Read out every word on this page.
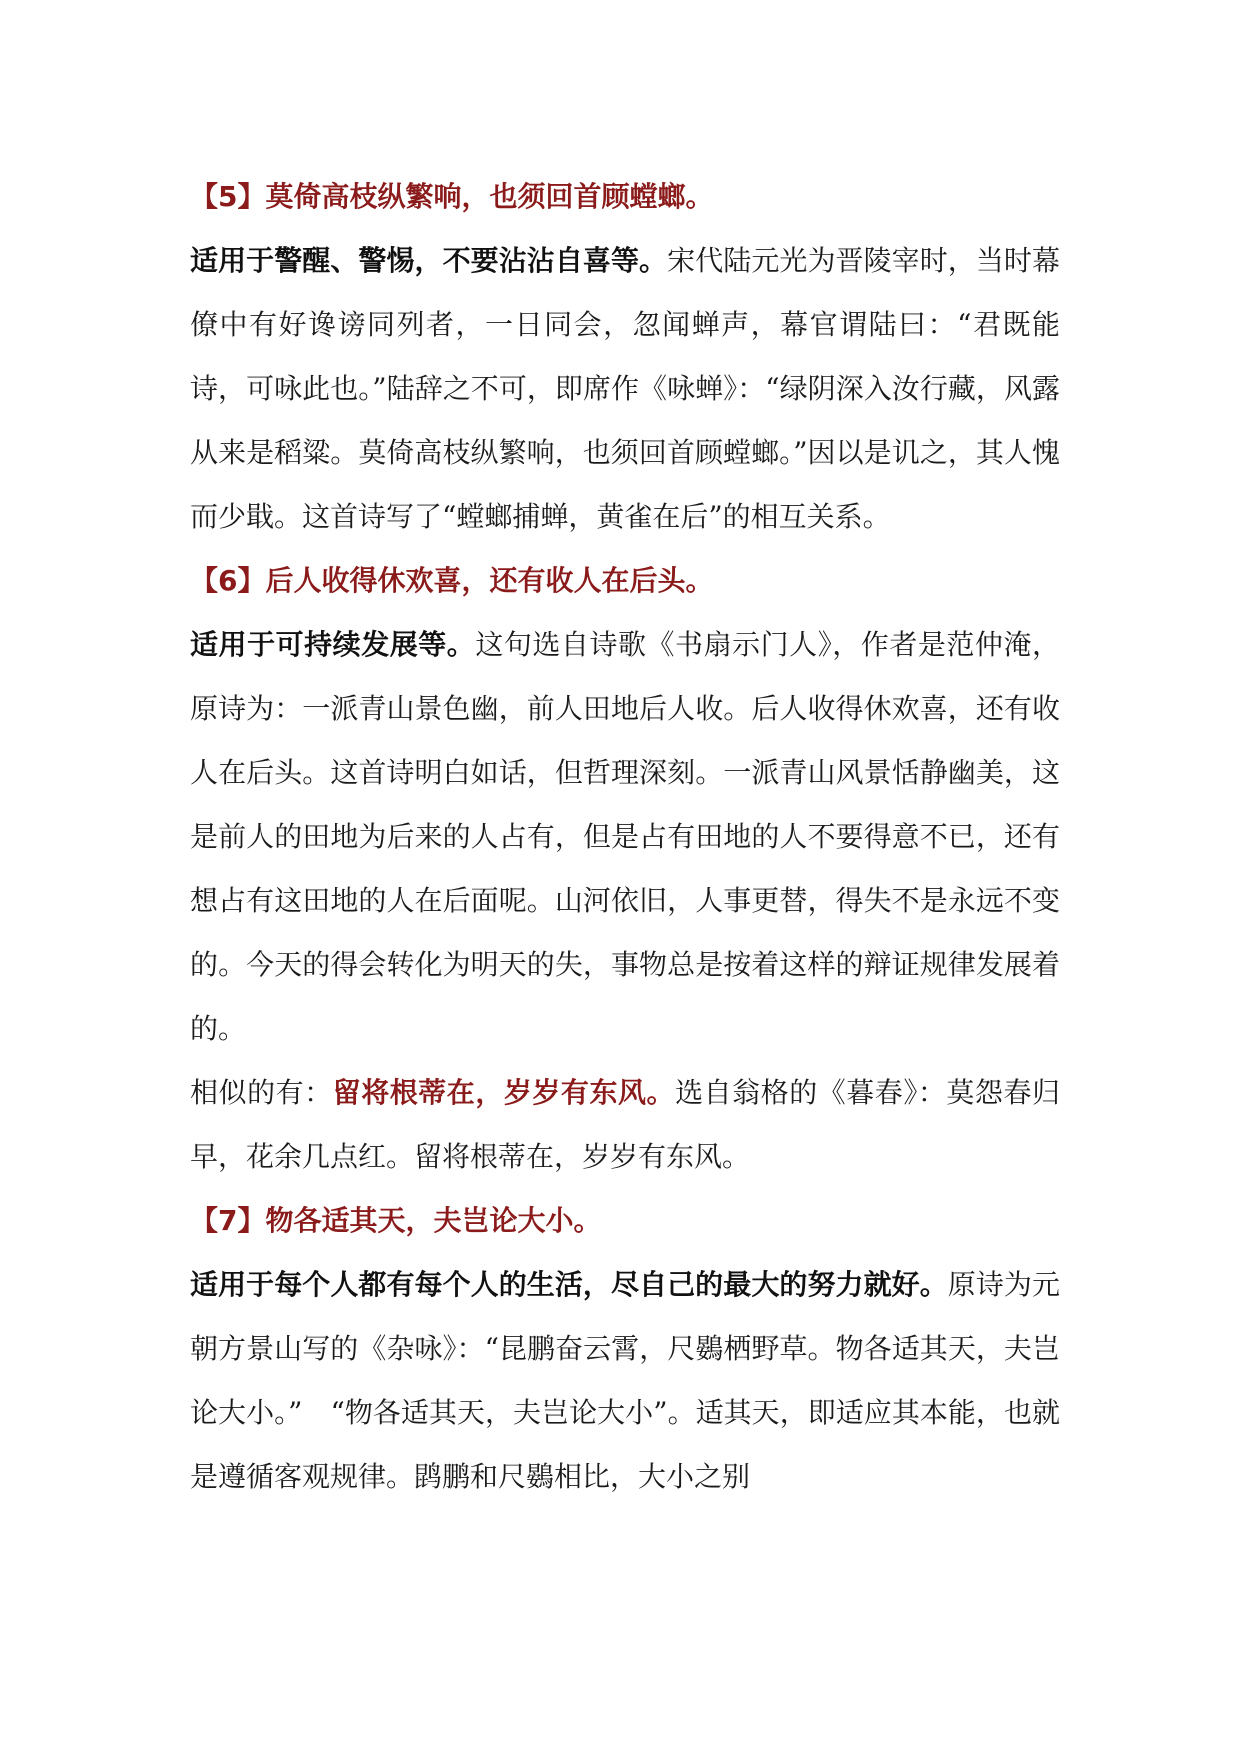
【5】莫倚高枝纵繁响，也须回首顾螳螂。

适用于警醒、警惕，不要沾沾自喜等。宋代陆元光为晋陵宰时，当时幕僚中有好谗谤同列者，一日同会，忽闻蝉声，幕官谓陆曰：“君既能诗，可咏此也。”陆辞之不可，即席作《咏蝉》：“绿阴深入汝行藏，风露从来是稻粱。莫倚高枝纵繁响，也须回首顾螳螂。”因以是讥之，其人愧而少戢。这首诗写了“螳螂捕蝉，黄雀在后”的相互关系。

【6】后人收得休欢喜，还有收人在后头。

适用于可持续发展等。这句选自诗歌《书扇示门人》，作者是范仲淹，原诗为：一派青山景色幽，前人田地后人收。后人收得休欢喜，还有收人在后头。这首诗明白如话，但哲理深刻。一派青山风景恬静幽美，这是前人的田地为后来的人占有，但是占有田地的人不要得意不已，还有想占有这田地的人在后面呢。山河依旧，人事更替，得失不是永远不变的。今天的得会转化为明天的失，事物总是按着这样的辩证规律发展着的。

相似的有：留将根蒂在，岁岁有东风。选自翁格的《暮春》：莫怨春归早，花余几点红。留将根蒂在，岁岁有东风。

【7】物各适其天，夫岂论大小。

适用于每个人都有每个人的生活，尽自己的最大的努力就好。原诗为元朝方景山写的《杂咏》：“昆鹏奋云霄，尺鷃栖野草。物各适其天，夫岂论大小。”　“物各适其天，夫岂论大小”。适其天，即适应其本能，也就是遵循客观规律。鹍鹏和尺鷃相比，大小之别
